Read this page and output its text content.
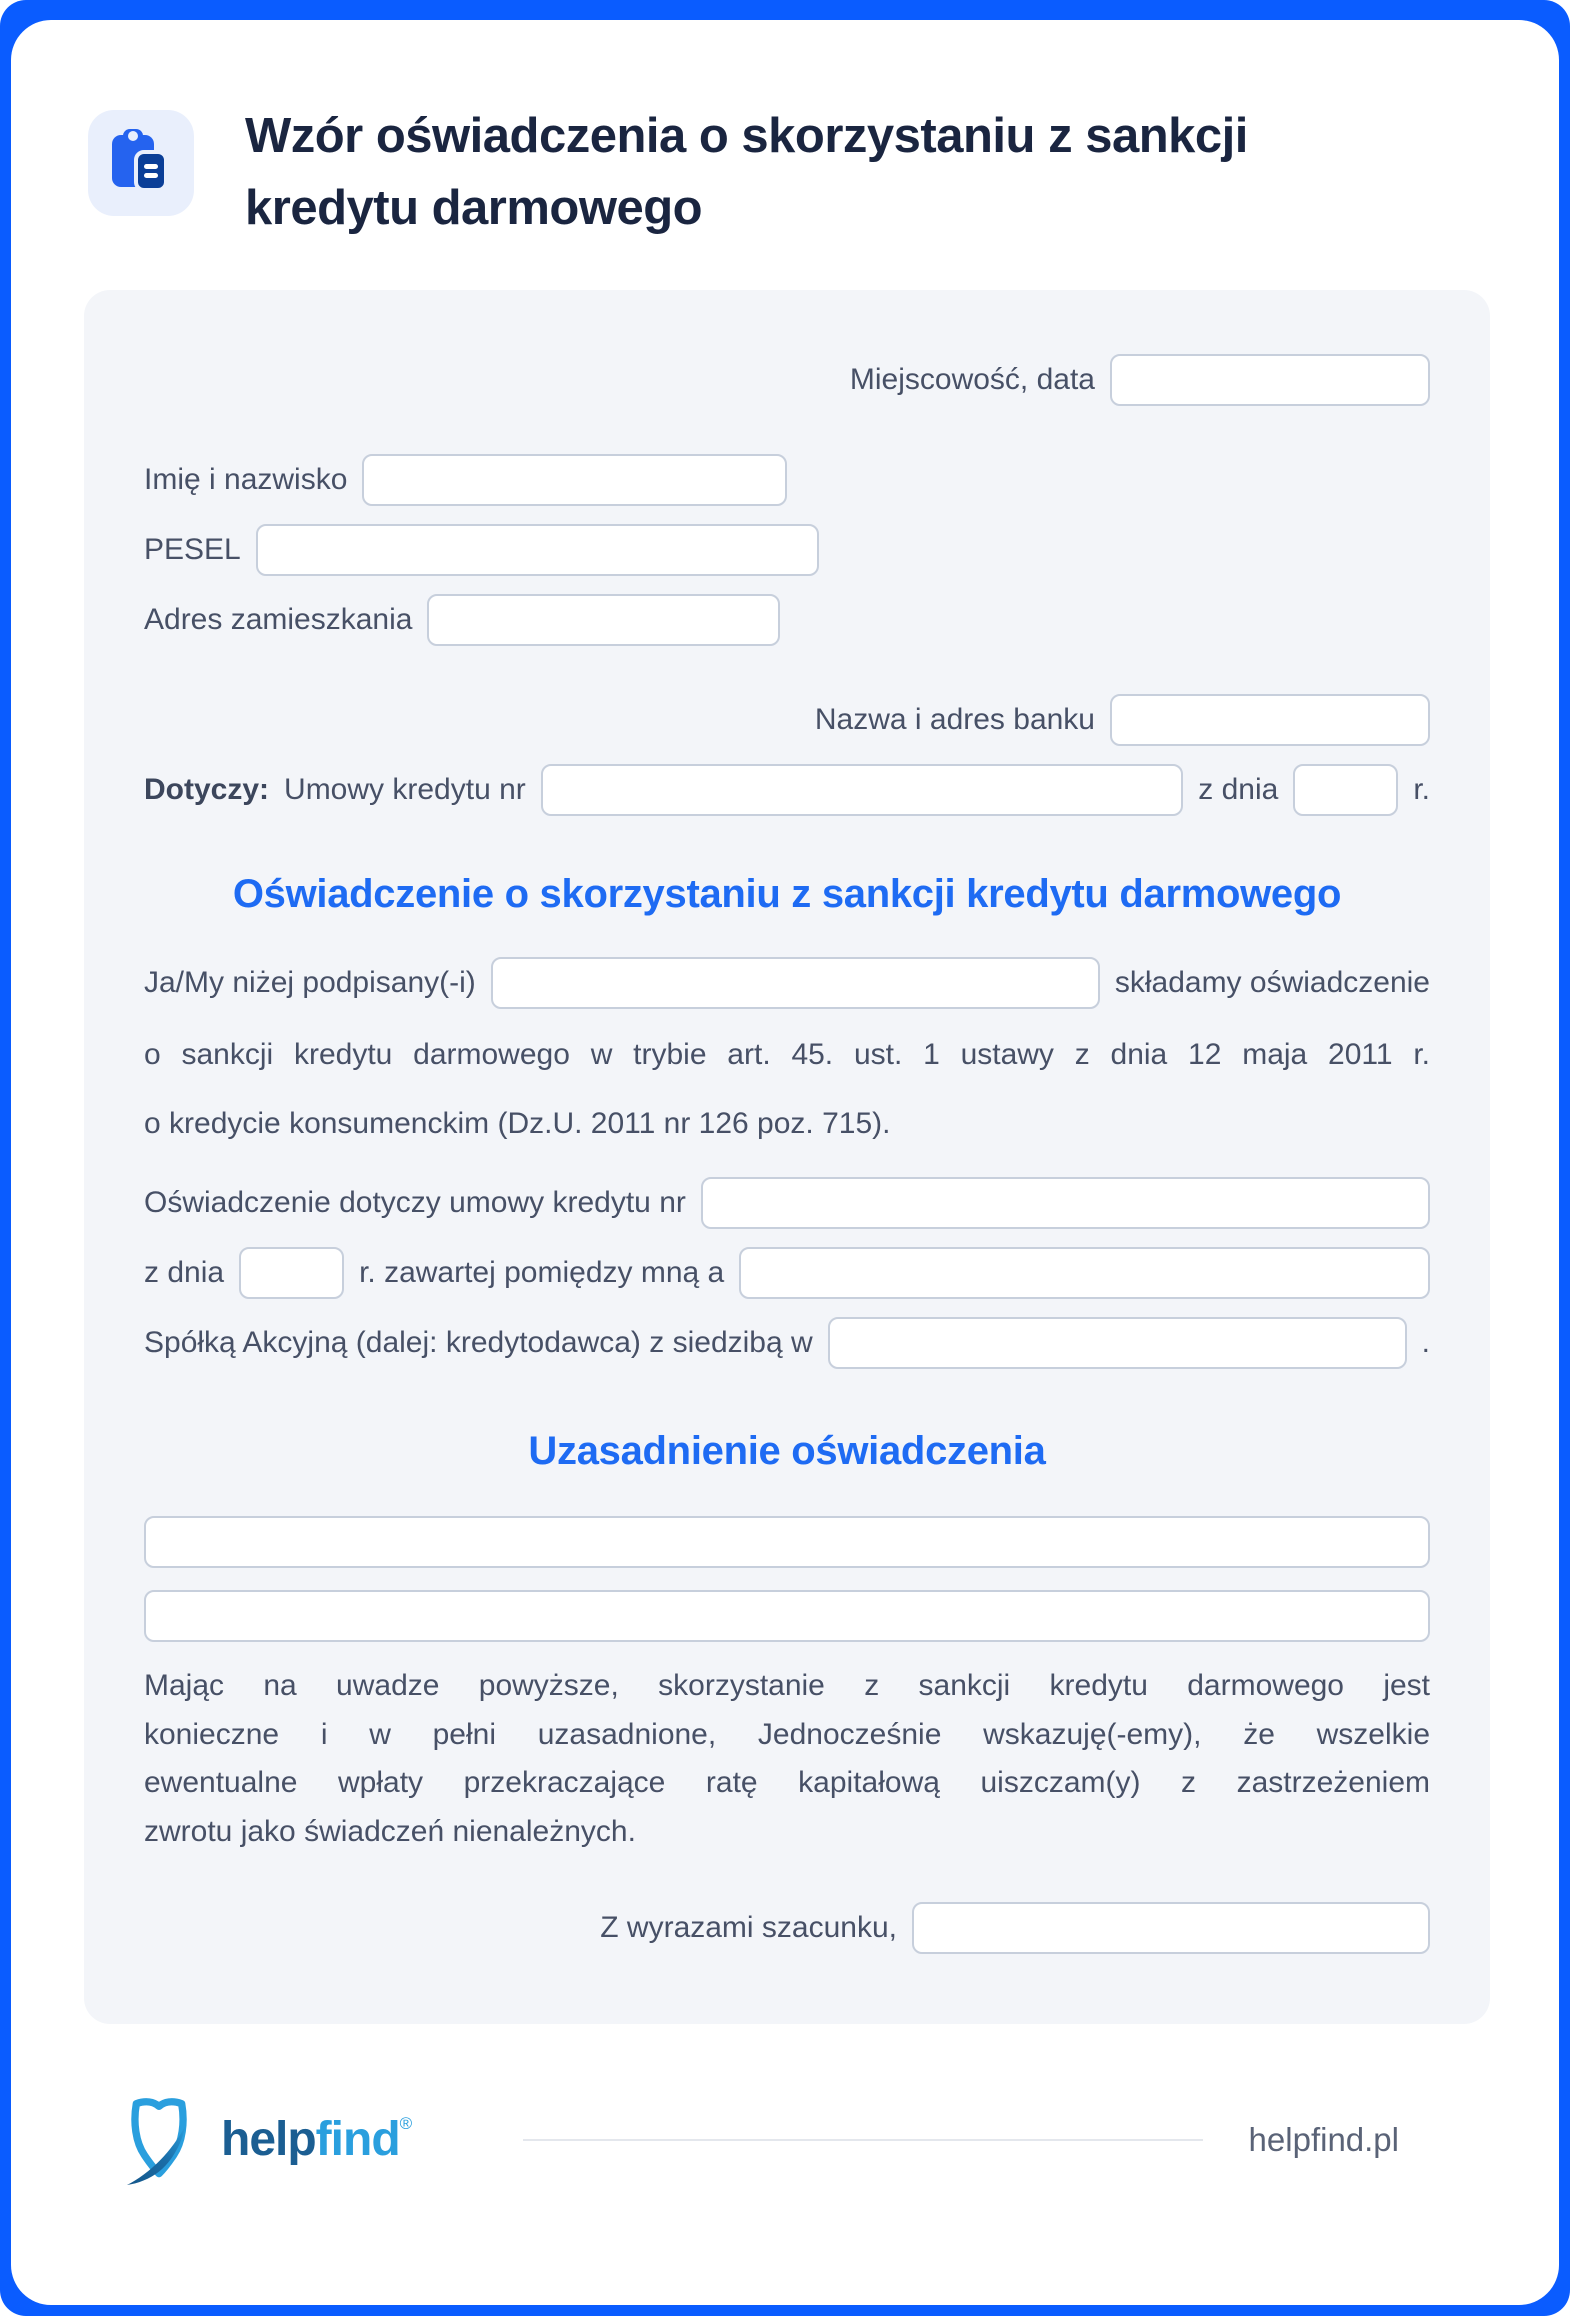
Wzór oświadczenia o skorzystaniu z sankcji kredytu darmowego
Miejscowość, data
Imię i nazwisko
PESEL
Adres zamieszkania
Nazwa i adres banku
Dotyczy: Umowy kredytu nr	z dnia	r.
Oświadczenie o skorzystaniu z sankcji kredytu darmowego
Ja/My niżej podpisany(-i)	składamy oświadczenie
o sankcji kredytu darmowego w trybie art. 45. ust. 1 ustawy z dnia 12 maja 2011 r.
o kredycie konsumenckim (Dz.U. 2011 nr 126 poz. 715).
Oświadczenie dotyczy umowy kredytu nr
z dnia	r. zawartej pomiędzy mną a
Spółką Akcyjną (dalej: kredytodawca) z siedzibą w	.
Uzasadnienie oświadczenia
Mając na uwadze powyższe, skorzystanie z sankcji kredytu darmowego jest
konieczne i w pełni uzasadnione, Jednocześnie wskazuję(-emy), że wszelkie
ewentualne wpłaty przekraczające ratę kapitałową uiszczam(y) z zastrzeżeniem
zwrotu jako świadczeń nienależnych.
Z wyrazami szacunku,
help find ®	helpfind.pl
